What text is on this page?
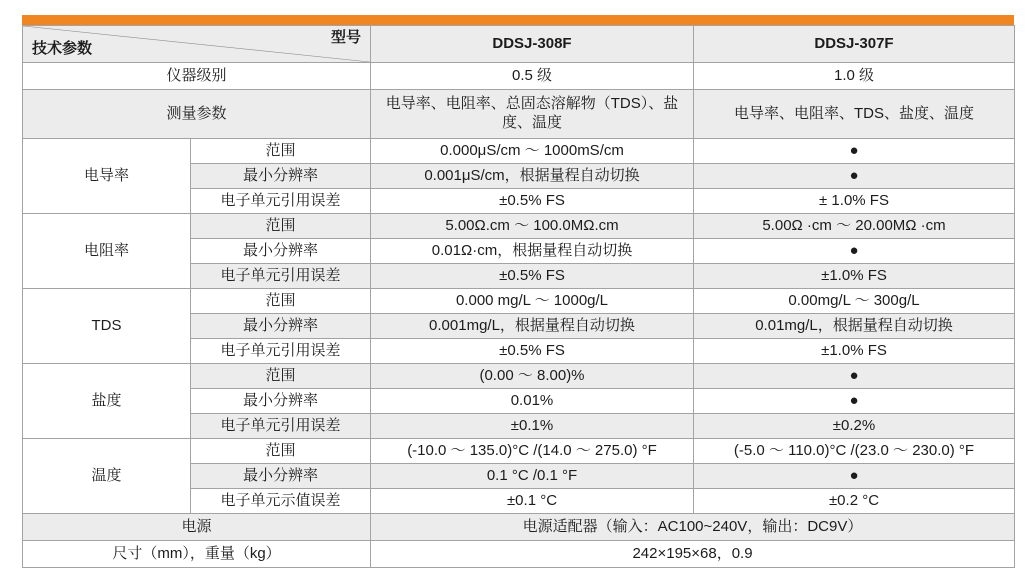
型号
技术参数		DDSJ-308F	DDSJ-307F
仪器级别		0.5 级	1.0 级
测量参数		电导率、电阻率、总固态溶解物（TDS）、盐度、温度	电导率、电阻率、TDS、盐度、温度
电导率	范围	0.000μS/cm ～ 1000mS/cm	●
	最小分辨率	0.001μS/cm，根据量程自动切换	●
	电子单元引用误差	±0.5% FS	± 1.0% FS
电阻率	范围	5.00Ω.cm ～ 100.0MΩ.cm	5.00Ω ·cm ～ 20.00MΩ ·cm
	最小分辨率	0.01Ω·cm，根据量程自动切换	●
	电子单元引用误差	±0.5% FS	±1.0% FS
TDS	范围	0.000 mg/L ～ 1000g/L	0.00mg/L ～ 300g/L
	最小分辨率	0.001mg/L，根据量程自动切换	0.01mg/L，根据量程自动切换
	电子单元引用误差	±0.5% FS	±1.0% FS
盐度	范围	(0.00 ～ 8.00)%	●
	最小分辨率	0.01%	●
	电子单元引用误差	±0.1%	±0.2%
温度	范围	(-10.0 ～ 135.0)°C /(14.0 ～ 275.0) °F	(-5.0 ～ 110.0)°C /(23.0 ～ 230.0) °F
	最小分辨率	0.1 °C /0.1 °F	●
	电子单元示值误差	±0.1 °C	±0.2 °C
电源		电源适配器（输入：AC100~240V，输出：DC9V）	
尺寸（mm），重量（kg）		242×195×68，0.9	
